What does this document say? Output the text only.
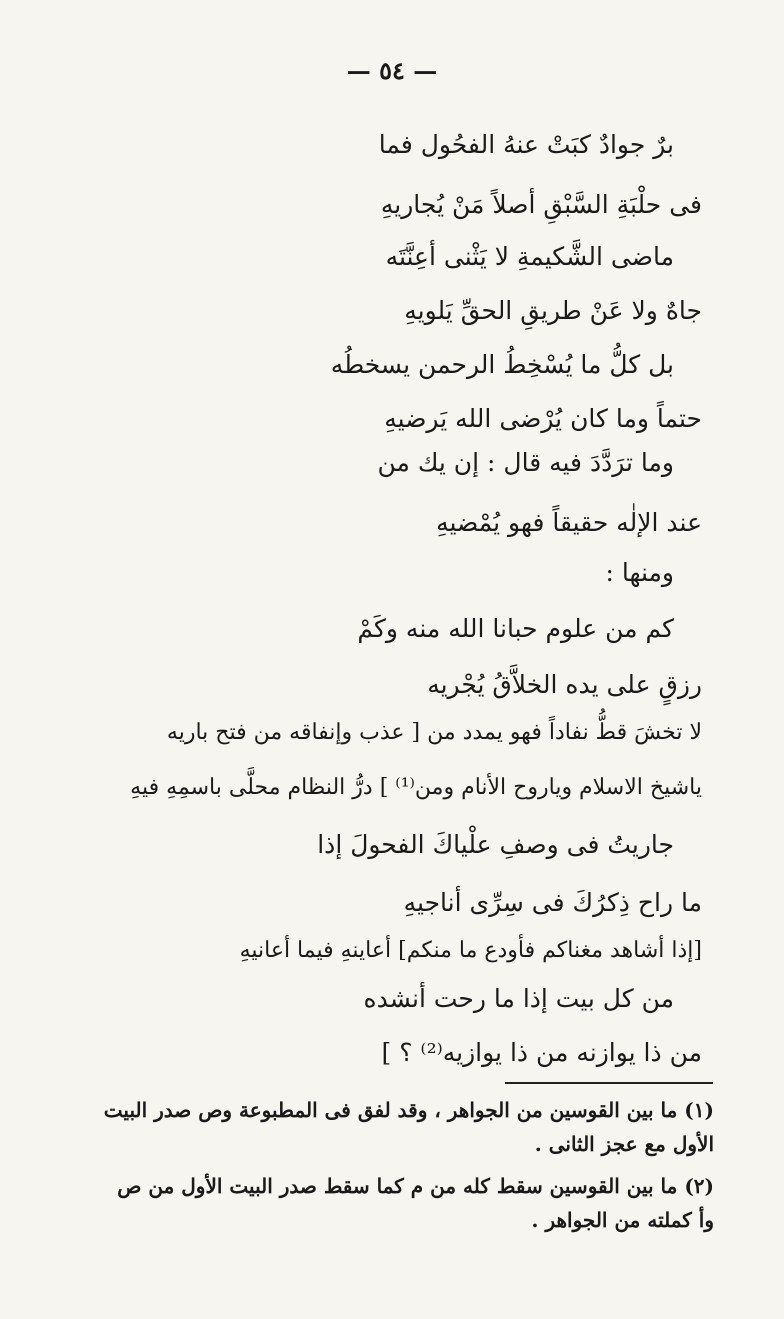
— ٥٤ —
برٌ جوادٌ كبَتْ عنهُ الفحُول فما
فى حلْبَةِ السَّبْقِ أصلاً مَنْ يُجاريهِ
ماضى الشَّكيمةِ لا يَثْنى أعِنَّتَه
جاهٌ ولا عَنْ طريقِ الحقِّ يَلويهِ
بل كلُّ ما يُسْخِطُ الرحمن يسخطُه
حتماً وما كان يُرْضى الله يَرضيهِ
وما ترَدَّدَ فيه قال : إن يك من
عند الإلٰه حقيقاً فهو يُمْضيهِ
ومنها :
كم من علوم حبانا الله منه وكَمْ
رزقٍ على يده الخلاَّقُ يُجْريه
لا تخشَ قطُّ نفاداً فهو يمدد من [ عذب وإنفاقه من فتح باريه
ياشيخ الاسلام وياروح الأنام ومن⁽¹⁾ ] درُّ النظام محلَّى باسمِهِ فيهِ
جاريتُ فى وصفِ علْياكَ الفحولَ إذا
ما راح ذِكرُكَ فى سِرِّى أناجيهِ
[إذا أشاهد مغناكم فأودع ما منكم] أعاينهِ فيما أعانيهِ
من كل بيت إذا ما رحت أنشده
من ذا يوازنه من ذا يوازيه⁽²⁾ ؟ ]
(١) ما بين القوسين من الجواهر ، وقد لفق فى المطبوعة وص صدر البيت
الأول مع عجز الثانى .
(٢) ما بين القوسين سقط كله من م كما سقط صدر البيت الأول من ص
وأ كملته من الجواهر .
